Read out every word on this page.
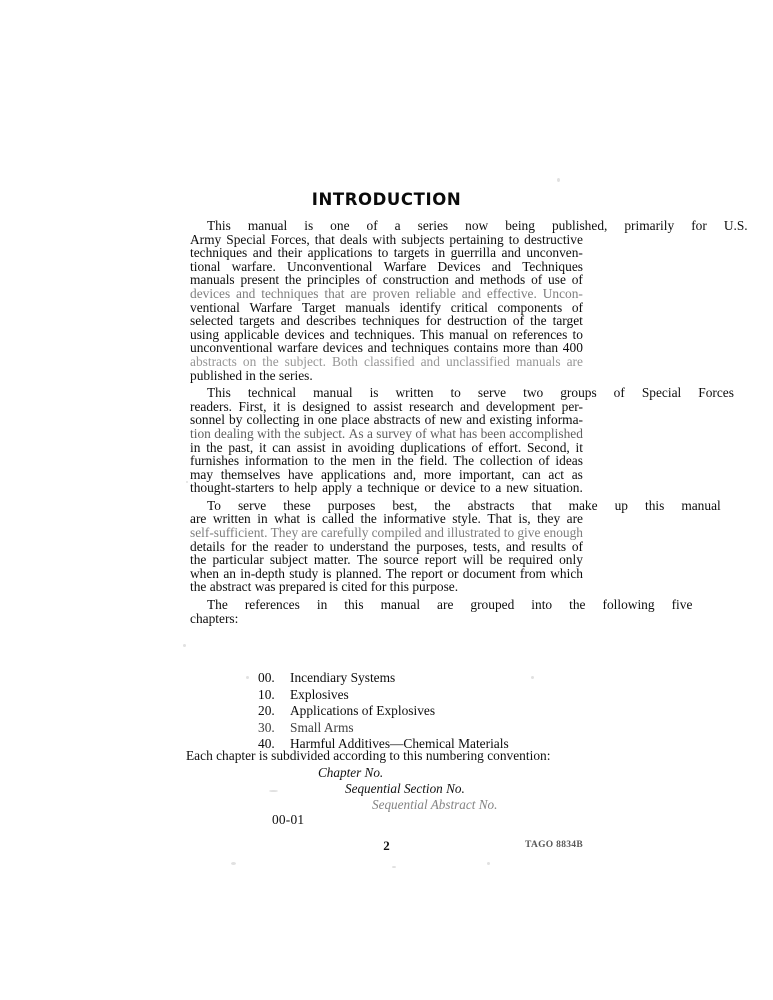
INTRODUCTION
This	manual	is	one	of	a	series	now	being	published,	primarily	for	U.S.
Army Special Forces, that deals with subjects pertaining to destructive
techniques and their applications to targets in guerrilla and unconven-
tional warfare. Unconventional Warfare Devices and Techniques
manuals present the principles of construction and methods of use of
devices and techniques that are proven reliable and effective. Uncon-
ventional Warfare Target manuals identify critical components of
selected targets and describes techniques for destruction of the target
using applicable devices and techniques. This manual on references to
unconventional warfare devices and techniques contains more than 400
abstracts on the subject. Both classified and unclassified manuals are
published in the series.
This	technical	manual	is	written	to	serve	two	groups	of	Special	Forces
readers. First, it is designed to assist research and development per-
sonnel by collecting in one place abstracts of new and existing informa-
tion dealing with the subject. As a survey of what has been accomplished
in the past, it can assist in avoiding duplications of effort. Second, it
furnishes information to the men in the field. The collection of ideas
may themselves have applications and, more important, can act as
thought-starters to help apply a technique or device to a new situation.
To	serve	these	purposes	best,	the	abstracts	that	make	up	this	manual
are written in what is called the informative style. That is, they are
self-sufficient. They are carefully compiled and illustrated to give enough
details for the reader to understand the purposes, tests, and results of
the particular subject matter. The source report will be required only
when an in-depth study is planned. The report or document from which
the abstract was prepared is cited for this purpose.
The	references	in	this	manual	are	grouped	into	the	following	five
chapters:
00.	Incendiary Systems
10.	Explosives
20.	Applications of Explosives
30.	Small Arms
40.	Harmful Additives—Chemical Materials
Each chapter is subdivided according to this numbering convention:
Chapter No.
Sequential Section No.
Sequential Abstract No.
00-01
2	TAGO 8834B
